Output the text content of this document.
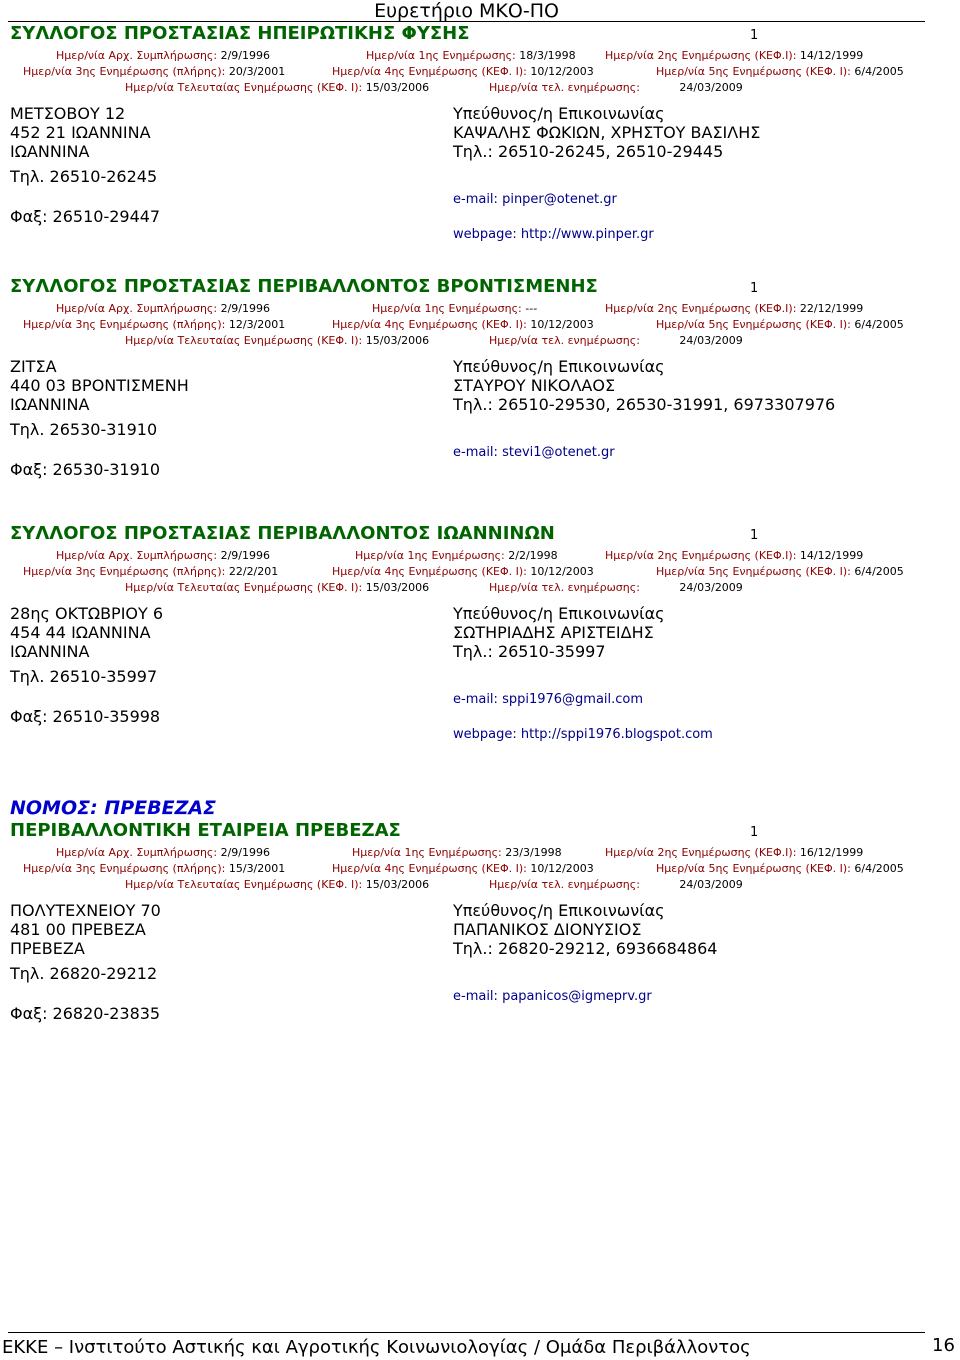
Ευρετήριο ΜΚΟ-ΠΟ
ΝΟΜΟΣ: ΠΡΕΒΕΖΑΣ
ΣΥΛΛΟΓΟΣ ΠΡΟΣΤΑΣΙΑΣ ΗΠΕΙΡΩΤΙΚΗΣ ΦΥΣΗΣ	1
Ημερ/νία Αρχ. Συμπλήρωσης: 2/9/1996	Ημερ/νία 1ης Ενημέρωσης: 18/3/1998	Ημερ/νία 2ης Ενημέρωσης (ΚΕΦ.Ι): 14/12/1999
Ημερ/νία 3ης Ενημέρωσης (πλήρης): 20/3/2001	Ημερ/νία 4ης Ενημέρωσης (ΚΕΦ. Ι): 10/12/2003	Ημερ/νία 5ης Ενημέρωσης (ΚΕΦ. Ι): 6/4/2005
Ημερ/νία Τελευταίας Ενημέρωσης (ΚΕΦ. Ι): 15/03/2006	Ημερ/νία τελ. ενημέρωσης:	24/03/2009
ΜΕΤΣΟΒΟΥ 12
452 21 ΙΩΑΝΝΙΝΑ
ΙΩΑΝΝΙΝΑ
Τηλ. 26510-26245
Φαξ: 26510-29447
Υπεύθυνος/η Επικοινωνίας
ΚΑΨΑΛΗΣ ΦΩΚΙΩΝ, ΧΡΗΣΤΟΥ ΒΑΣΙΛΗΣ
Τηλ.: 26510-26245, 26510-29445
e-mail: pinper@otenet.gr
webpage: http://www.pinper.gr
ΣΥΛΛΟΓΟΣ ΠΡΟΣΤΑΣΙΑΣ ΠΕΡΙΒΑΛΛΟΝΤΟΣ ΒΡΟΝΤΙΣΜΕΝΗΣ	1
Ημερ/νία Αρχ. Συμπλήρωσης: 2/9/1996	Ημερ/νία 1ης Ενημέρωσης: ---	Ημερ/νία 2ης Ενημέρωσης (ΚΕΦ.Ι): 22/12/1999
Ημερ/νία 3ης Ενημέρωσης (πλήρης): 12/3/2001	Ημερ/νία 4ης Ενημέρωσης (ΚΕΦ. Ι): 10/12/2003	Ημερ/νία 5ης Ενημέρωσης (ΚΕΦ. Ι): 6/4/2005
Ημερ/νία Τελευταίας Ενημέρωσης (ΚΕΦ. Ι): 15/03/2006	Ημερ/νία τελ. ενημέρωσης:	24/03/2009
ΖΙΤΣΑ
440 03 ΒΡΟΝΤΙΣΜΕΝΗ
ΙΩΑΝΝΙΝΑ
Τηλ. 26530-31910
Φαξ: 26530-31910
Υπεύθυνος/η Επικοινωνίας
ΣΤΑΥΡΟΥ ΝΙΚΟΛΑΟΣ
Τηλ.: 26510-29530, 26530-31991, 6973307976
e-mail: stevi1@otenet.gr
ΣΥΛΛΟΓΟΣ ΠΡΟΣΤΑΣΙΑΣ ΠΕΡΙΒΑΛΛΟΝΤΟΣ ΙΩΑΝΝΙΝΩΝ	1
Ημερ/νία Αρχ. Συμπλήρωσης: 2/9/1996	Ημερ/νία 1ης Ενημέρωσης: 2/2/1998	Ημερ/νία 2ης Ενημέρωσης (ΚΕΦ.Ι): 14/12/1999
Ημερ/νία 3ης Ενημέρωσης (πλήρης): 22/2/201	Ημερ/νία 4ης Ενημέρωσης (ΚΕΦ. Ι): 10/12/2003	Ημερ/νία 5ης Ενημέρωσης (ΚΕΦ. Ι): 6/4/2005
Ημερ/νία Τελευταίας Ενημέρωσης (ΚΕΦ. Ι): 15/03/2006	Ημερ/νία τελ. ενημέρωσης:	24/03/2009
28ης ΟΚΤΩΒΡΙΟΥ 6
454 44 ΙΩΑΝΝΙΝΑ
ΙΩΑΝΝΙΝΑ
Τηλ. 26510-35997
Φαξ: 26510-35998
Υπεύθυνος/η Επικοινωνίας
ΣΩΤΗΡΙΑΔΗΣ ΑΡΙΣΤΕΙΔΗΣ
Τηλ.: 26510-35997
e-mail: sppi1976@gmail.com
webpage: http://sppi1976.blogspot.com
ΠΕΡΙΒΑΛΛΟΝΤΙΚΗ ΕΤΑΙΡΕΙΑ ΠΡΕΒΕΖΑΣ	1
Ημερ/νία Αρχ. Συμπλήρωσης: 2/9/1996	Ημερ/νία 1ης Ενημέρωσης: 23/3/1998	Ημερ/νία 2ης Ενημέρωσης (ΚΕΦ.Ι): 16/12/1999
Ημερ/νία 3ης Ενημέρωσης (πλήρης): 15/3/2001	Ημερ/νία 4ης Ενημέρωσης (ΚΕΦ. Ι): 10/12/2003	Ημερ/νία 5ης Ενημέρωσης (ΚΕΦ. Ι): 6/4/2005
Ημερ/νία Τελευταίας Ενημέρωσης (ΚΕΦ. Ι): 15/03/2006	Ημερ/νία τελ. ενημέρωσης:	24/03/2009
ΠΟΛΥΤΕΧΝΕΙΟΥ 70
481 00 ΠΡΕΒΕΖΑ
ΠΡΕΒΕΖΑ
Τηλ. 26820-29212
Φαξ: 26820-23835
Υπεύθυνος/η Επικοινωνίας
ΠΑΠΑΝΙΚΟΣ ΔΙΟΝΥΣΙΟΣ
Τηλ.: 26820-29212, 6936684864
e-mail: papanicos@igmeprv.gr
ΕΚΚΕ – Ινστιτούτο Αστικής και Αγροτικής Κοινωνιολογίας / Ομάδα Περιβάλλοντος	16
